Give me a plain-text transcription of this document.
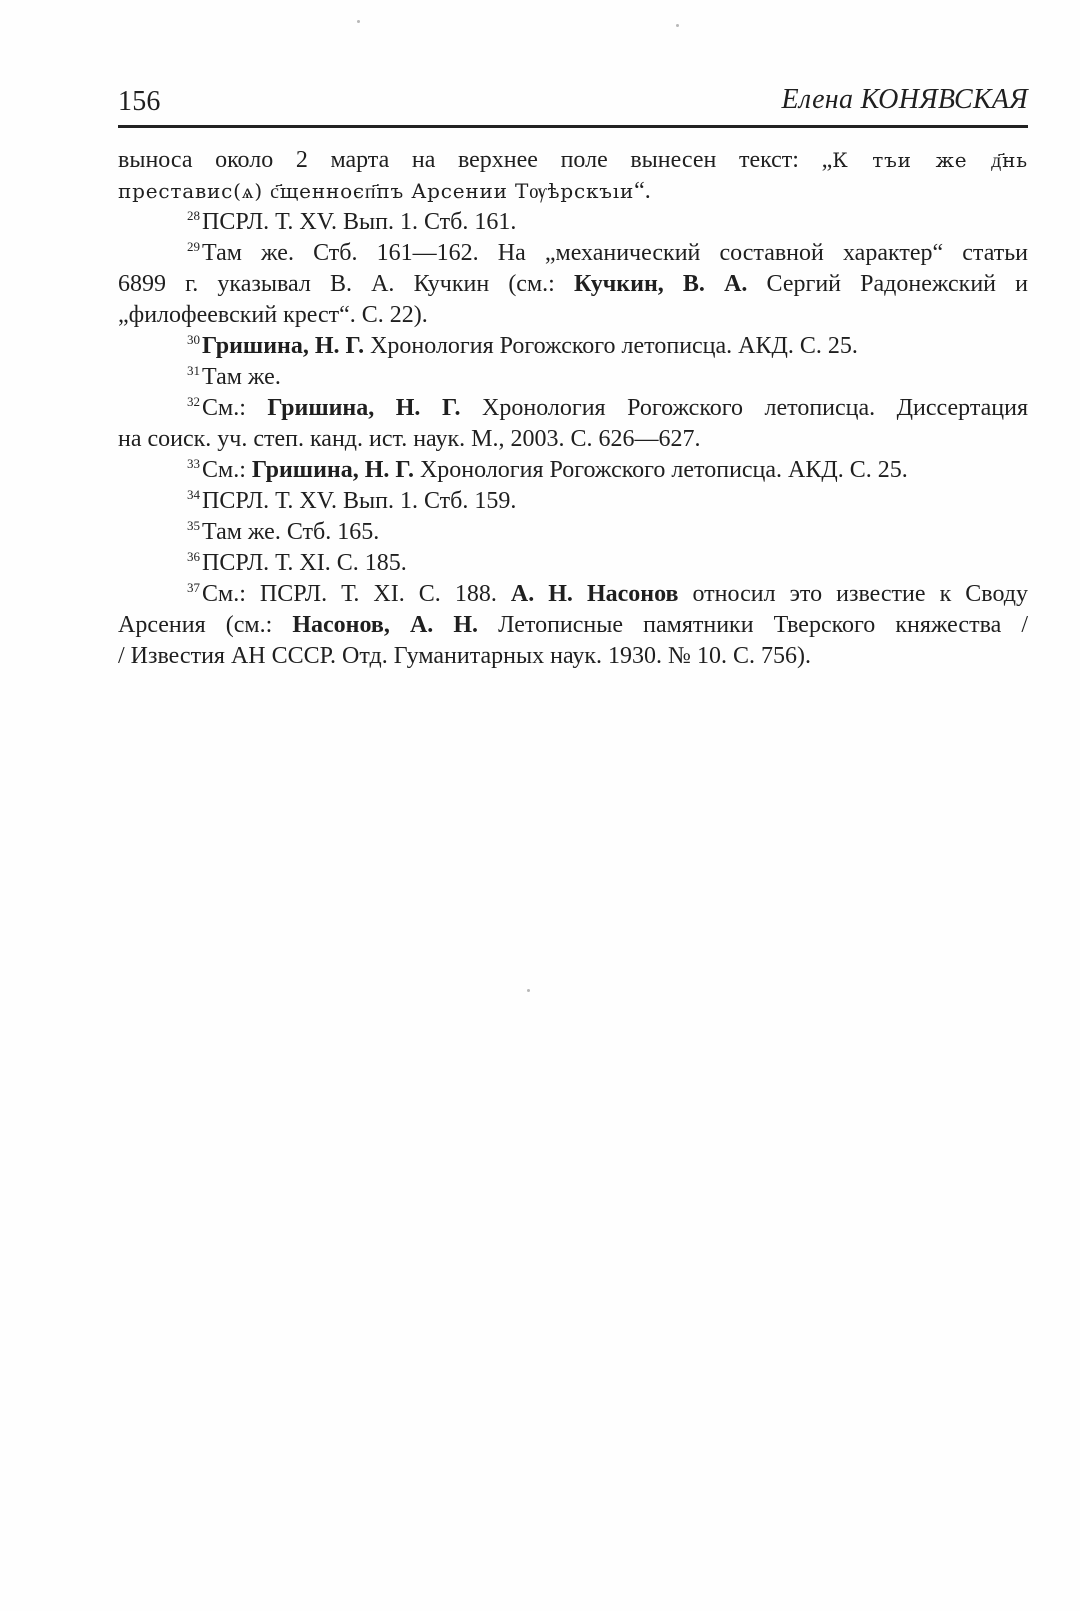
156	Елена КОНЯВСКАЯ

выноса около 2 марта на верхнее поле вынесен текст: „К тъи же д҃нь

преставис(ѧ) с҃щенноєп҃пъ Арсении Тѹѣрскъıи“.

$^{28}$ПСРЛ. Т. XV. Вып. 1. Стб. 161.

$^{29}$Там же. Стб. 161—162. На „механический составной характер“ статьи

6899 г. указывал В. А. Кучкин (см.: Кучкин, В. А. Сергий Радонежский и

„филофеевский крест“. С. 22).

$^{30}$Гришина, Н. Г. Хронология Рогожского летописца. АКД. С. 25.

$^{31}$Там же.

$^{32}$См.: Гришина, Н. Г. Хронология Рогожского летописца. Диссертация

на соиск. уч. степ. канд. ист. наук. М., 2003. С. 626—627.

$^{33}$См.: Гришина, Н. Г. Хронология Рогожского летописца. АКД. С. 25.

$^{34}$ПСРЛ. Т. XV. Вып. 1. Стб. 159.

$^{35}$Там же. Стб. 165.

$^{36}$ПСРЛ. Т. XI. С. 185.

$^{37}$См.: ПСРЛ. Т. XI. С. 188. А. Н. Насонов относил это известие к Своду

Арсения (см.: Насонов, А. Н. Летописные памятники Тверского княжества /

/ Известия АН СССР. Отд. Гуманитарных наук. 1930. № 10. С. 756).
